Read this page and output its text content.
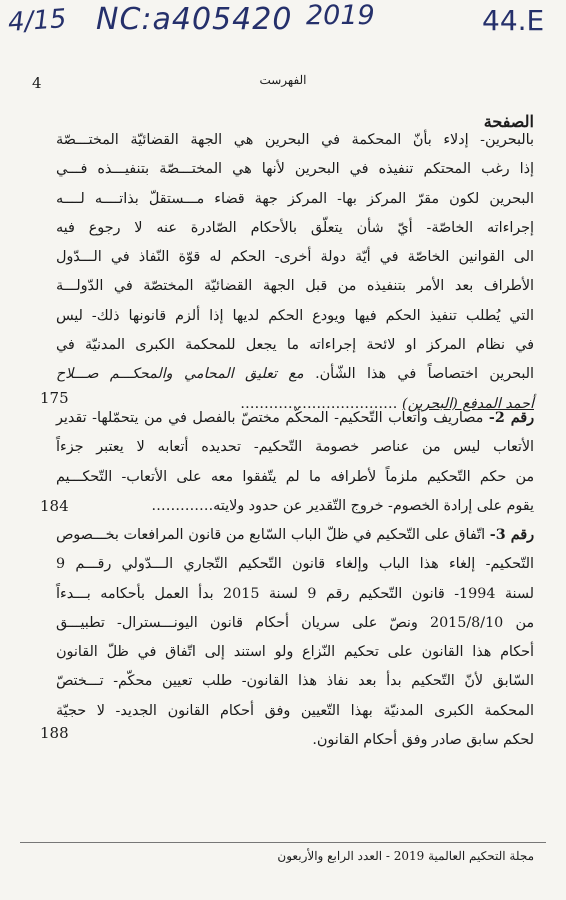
4/15 NC:a405420 2019	44.E
4	الفهرست
الصفحة
بالبحرين- إدلاء بأنّ المحكمة في البحرين هي الجهة القضائيّة المختـــصّة
إذا رغب المحتكم تنفيذه في البحرين لأنها هي المختـــصّة بتنفيـــذه فـــي
البحرين لكون مقرّ المركز بها- المركز جهة قضاء مـــستقلّ بذاتــــه لــــه
إجراءاته الخاصّة- أيّ شأن يتعلّق بالأحكام الصّادرة عنه لا رجوع فيه
الى القوانين الخاصّة في أيّة دولة أخرى- الحكم له قوّة النّفاذ في الـــدّول
الأطراف بعد الأمر بتنفيذه من قبل الجهة القضائيّة المختصّة في الدّولـــة
التي يُطلب تنفيذ الحكم فيها ويودع الحكم لديها إذا ألزم قانونها ذلك- ليس
في نظام المركز او لائحة إجراءاته ما يجعل للمحكمة الكبرى المدنيّة في
البحرين اختصاصاً في هذا الشّأن. مع تعليق المحامي والمحكـــم صـــلاح
أحمد المدفع (البحرين) ……………………………
175
رقم 2- مصاريف وأتعاب التّحكيم- المحكّم مختصّ بالفصل في من يتحمّلها- تقدير
الأتعاب ليس من عناصر خصومة التّحكيم- تحديده أتعابه لا يعتبر جزءاً
من حكم التّحكيم ملزماً لأطرافه ما لم يتّفقوا معه على الأتعاب- التّحكـــيم
يقوم على إرادة الخصوم- خروج التّقدير عن حدود ولايته.…………
184
رقم 3- اتّفاق على التّحكيم في ظلّ الباب السّابع من قانون المرافعات بخـــصوص
التّحكيم- إلغاء هذا الباب وإلغاء قانون التّحكيم التّجاري الـــدّولي رقـــم 9
لسنة 1994- قانون التّحكيم رقم 9 لسنة 2015 بدأ العمل بأحكامه بـــدءاً
من 2015/8/10 ونصّ على سريان أحكام قانون اليونـــسترال- تطبيـــق
أحكام هذا القانون على تحكيم النّزاع ولو استند إلى اتّفاق في ظلّ القانون
السّابق لأنّ التّحكيم بدأ بعد نفاذ هذا القانون- طلب تعيين محكّم- تـــختصّ
المحكمة الكبرى المدنيّة بهذا التّعيين وفق أحكام القانون الجديد- لا حجيّة
لحكم سابق صادر وفق أحكام القانون.
188
مجلة التحكيم العالمية 2019 - العدد الرابع والأربعون
